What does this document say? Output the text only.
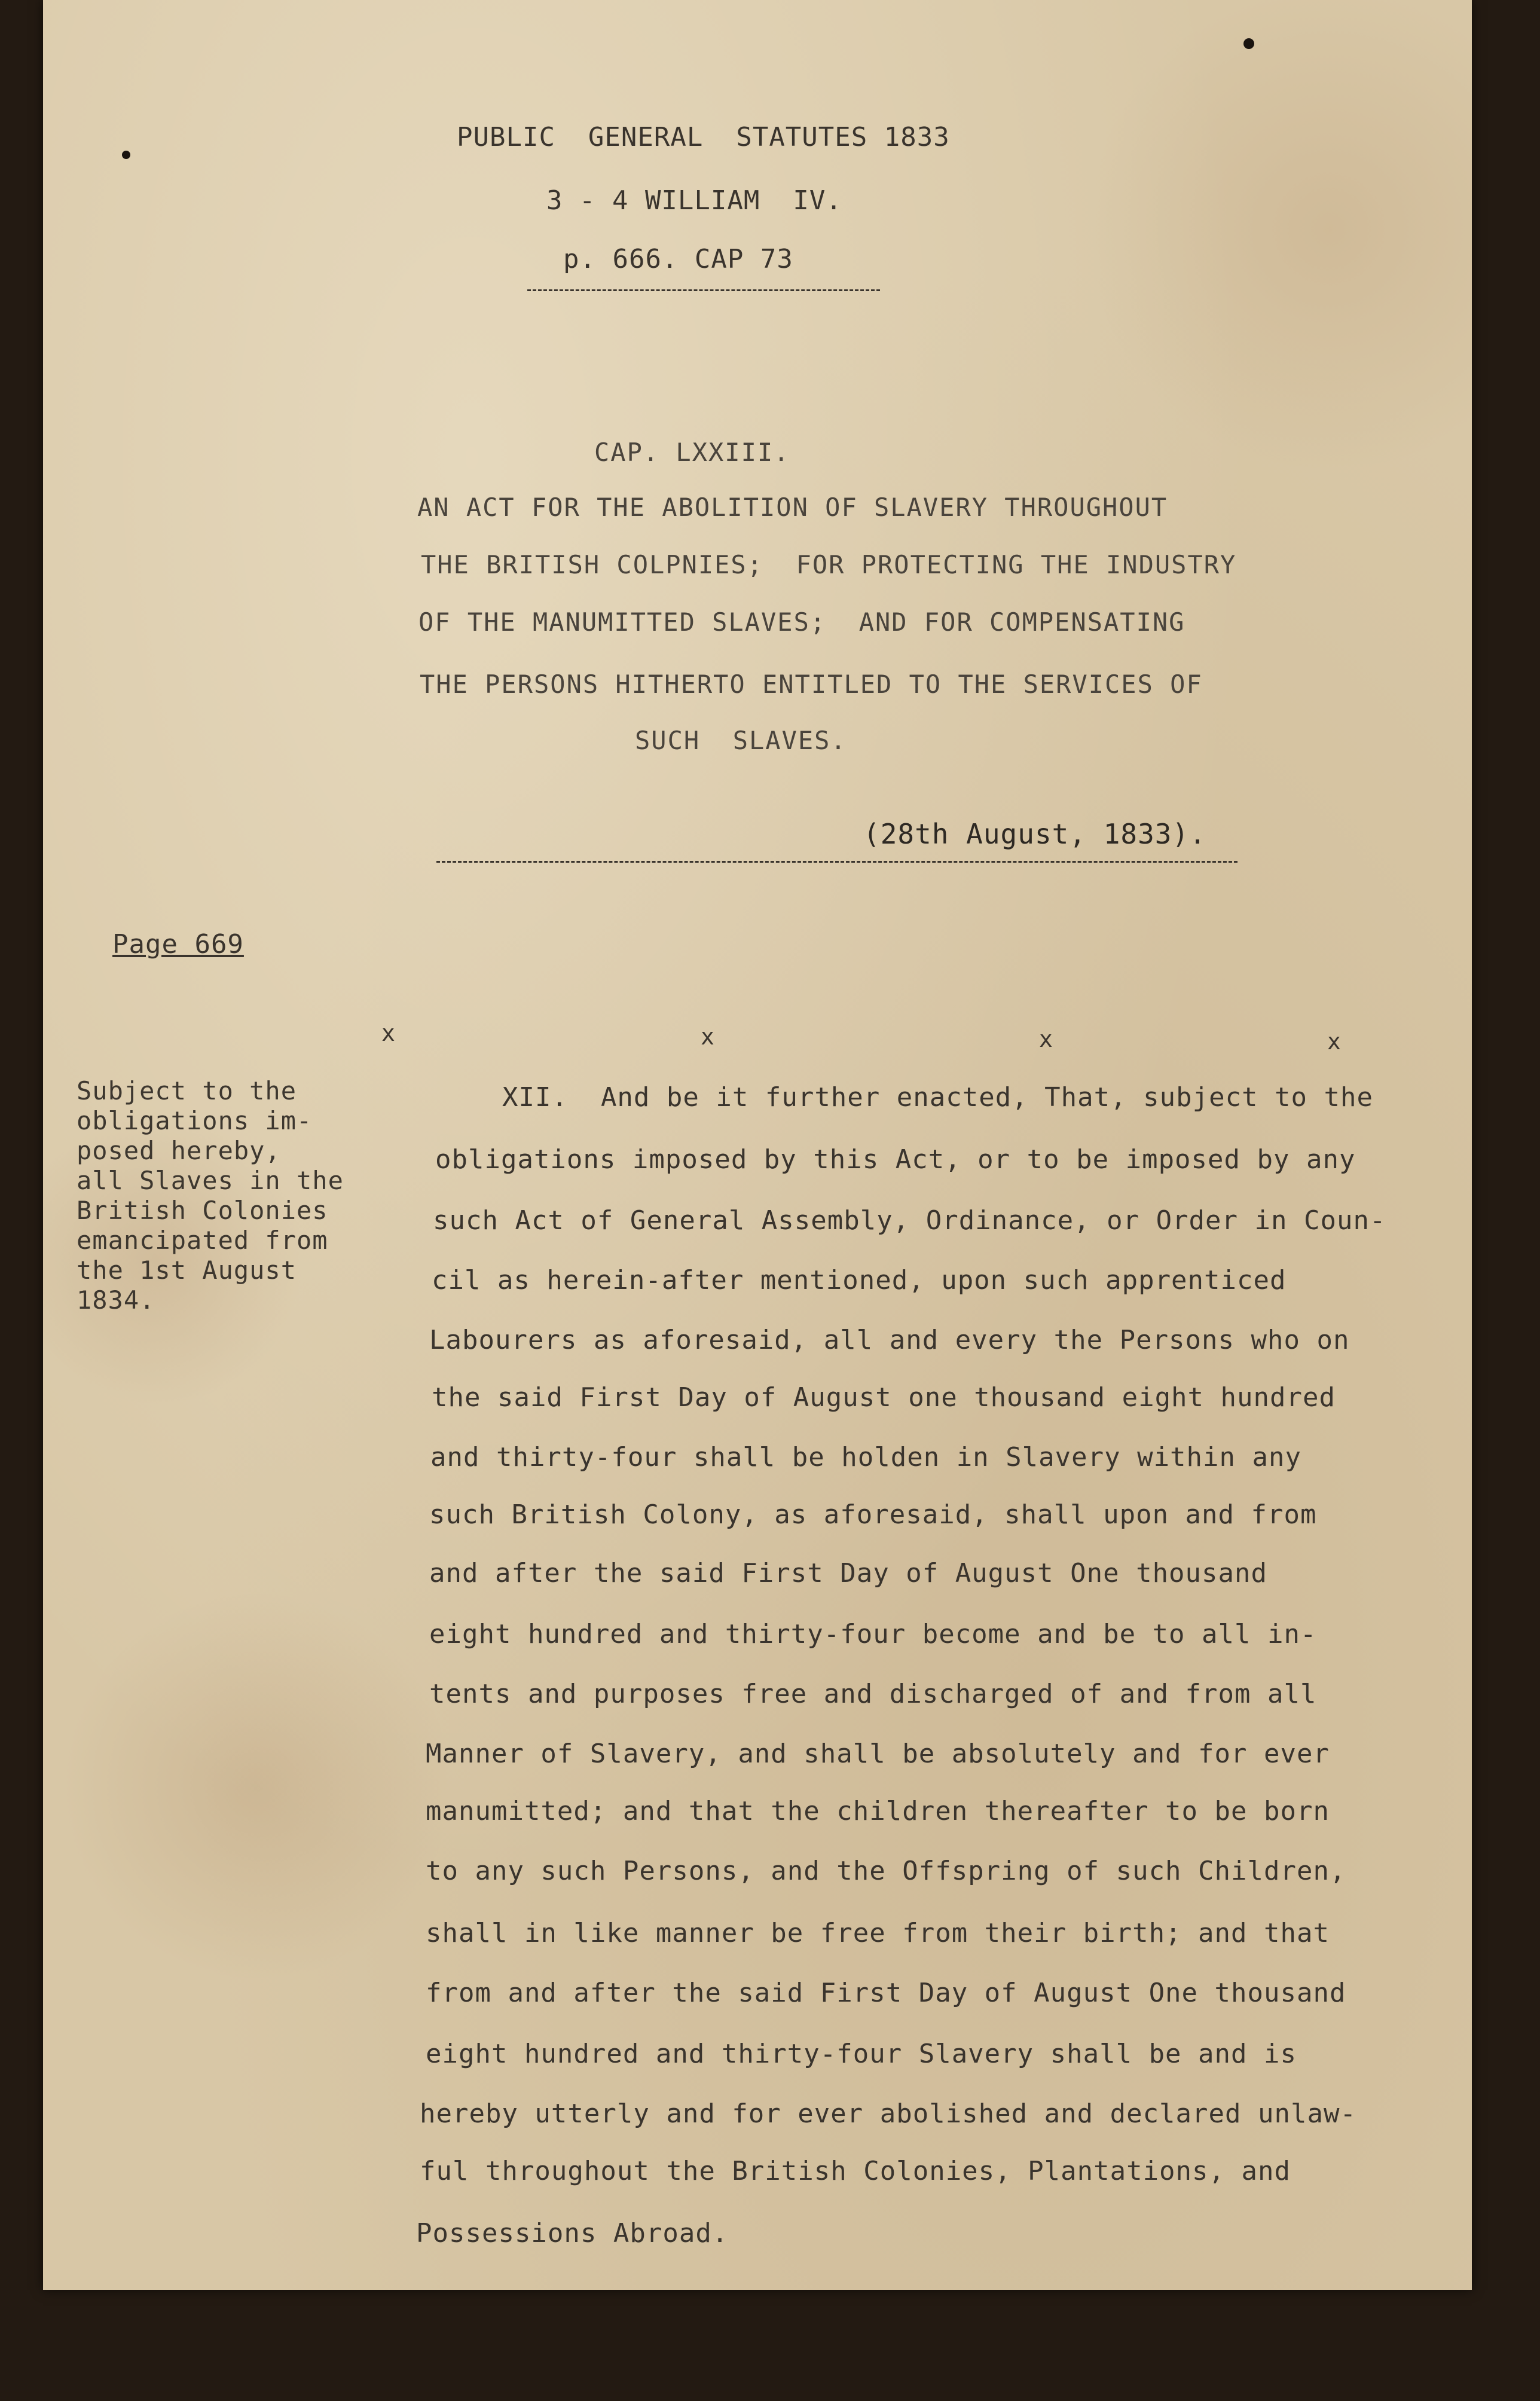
PUBLIC  GENERAL  STATUTES 1833
3 - 4 WILLIAM  IV.
p. 666. CAP 73
CAP. LXXIII.
AN ACT FOR THE ABOLITION OF SLAVERY THROUGHOUT
THE BRITISH COLPNIES;  FOR PROTECTING THE INDUSTRY
OF THE MANUMITTED SLAVES;  AND FOR COMPENSATING
THE PERSONS HITHERTO ENTITLED TO THE SERVICES OF
SUCH  SLAVES.
(28th August, 1833).
Page 669
x	x	x	x
Subject to the
obligations im-
posed hereby,
all Slaves in the
British Colonies
emancipated from
the 1st August
1834.
XII.  And be it further enacted, That, subject to the
obligations imposed by this Act, or to be imposed by any
such Act of General Assembly, Ordinance, or Order in Coun-
cil as herein-after mentioned, upon such apprenticed
Labourers as aforesaid, all and every the Persons who on
the said First Day of August one thousand eight hundred
and thirty-four shall be holden in Slavery within any
such British Colony, as aforesaid, shall upon and from
and after the said First Day of August One thousand
eight hundred and thirty-four become and be to all in-
tents and purposes free and discharged of and from all
Manner of Slavery, and shall be absolutely and for ever
manumitted; and that the children thereafter to be born
to any such Persons, and the Offspring of such Children,
shall in like manner be free from their birth; and that
from and after the said First Day of August One thousand
eight hundred and thirty-four Slavery shall be and is
hereby utterly and for ever abolished and declared unlaw-
ful throughout the British Colonies, Plantations, and
Possessions Abroad.
